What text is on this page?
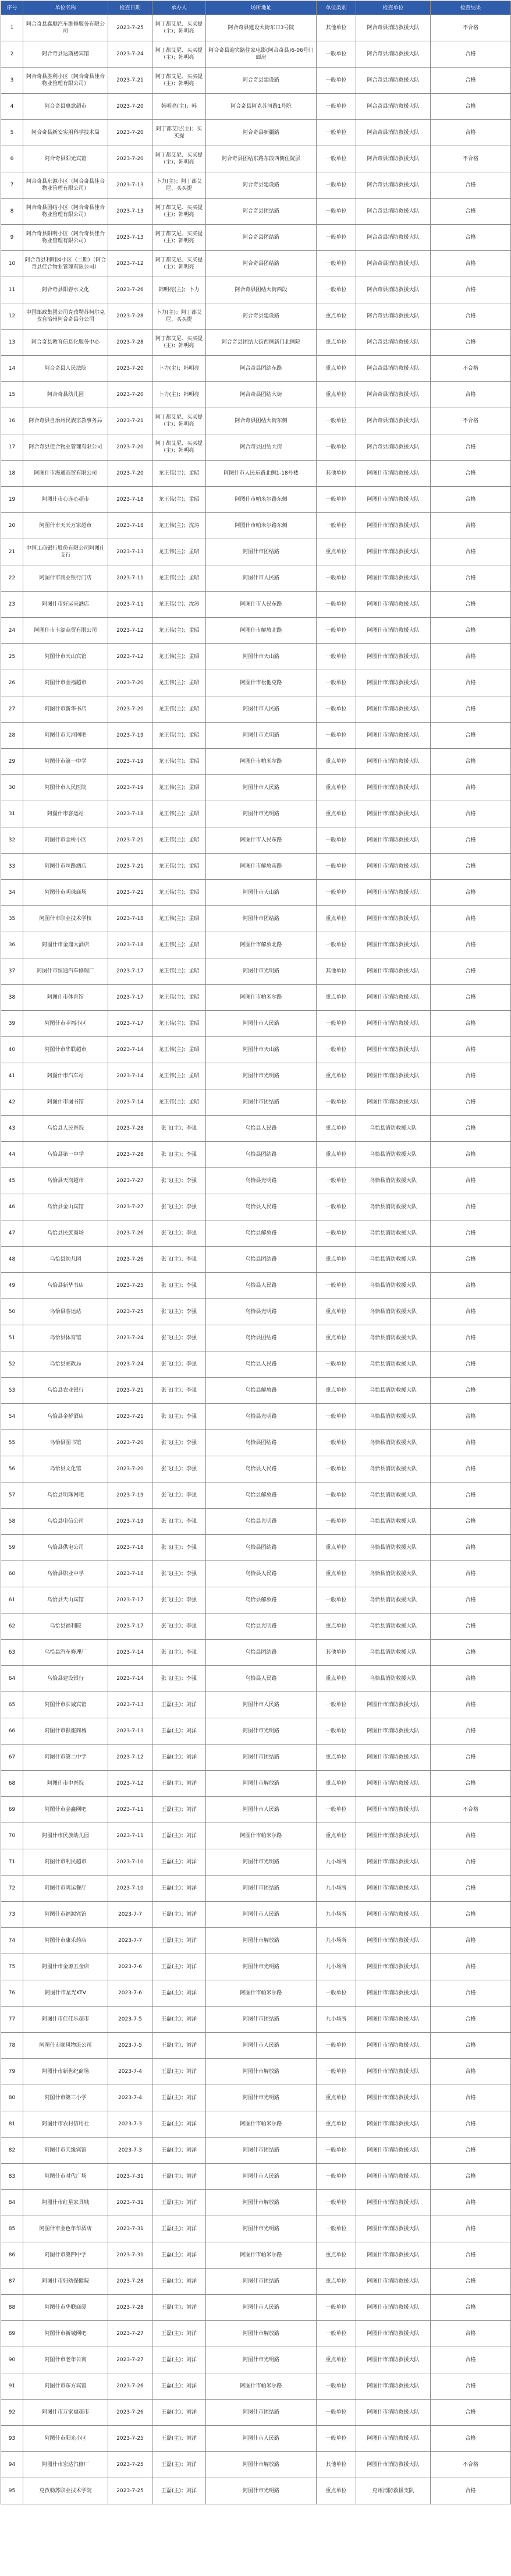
序号	单位名称	检查日期	承办人	场所地址	单位类别	检查单位	检查结果
1	阿合奇县鑫顺汽车维修服务有限公司	2023-7-25	阿丁都艾尼、买买提(主)；韩明亮	阿合奇县建设大街东口3号院	其他单位	阿合奇县消防救援大队	不合格
2	阿合奇县达斯楼宾馆	2023-7-24	阿丁都艾尼、买买提(主)；韩明亮	阿合奇县迎宾路住家电影(阿合奇县)6-06号门面房	一般单位	阿合奇县消防救援大队	合格
3	阿合奇县胜利小区（阿合奇县佳合物业管理有限公司）	2023-7-21	阿丁都艾尼、买买提(主)；韩明亮	阿合奇县建设路	一般单位	阿合奇县消防救援大队	合格
4	阿合奇县惠意超市	2023-7-20	韩明亮(主)；韩	阿合奇县阿克苏河路1号院	一般单位	阿合奇县消防救援大队	合格
5	阿合奇县新安实用科学技术局	2023-7-20	阿丁都艾尼(主)；买买提	阿合奇县新疆路	一般单位	阿合奇县消防救援大队	合格
6	阿合奇县阳光宾馆	2023-7-20	阿丁都艾尼、买买提(主)；韩明亮	阿合奇县团结东路东段西侧住院层	一般单位	阿合奇县消防救援大队	不合格
7	阿合奇县东源小区（阿合奇县佳合物业管理有限公司）	2023-7-13	卜力(主)；阿丁都艾尼、买买提	阿合奇县建设路	一般单位	阿合奇县消防救援大队	合格
8	阿合奇县团结小区（阿合奇县佳合物业管理有限公司）	2023-7-13	阿丁都艾尼、买买提(主)；韩明亮	阿合奇县团结路	一般单位	阿合奇县消防救援大队	合格
9	阿合奇县阳明小区（阿合奇县佳合物业管理有限公司）	2023-7-13	阿丁都艾尼、买买提(主)；韩明亮	阿合奇县团结路	一般单位	阿合奇县消防救援大队	合格
10	阿合奇县利明园小区（二期）（阿合奇县佳合物业管理有限公司）	2023-7-12	阿丁都艾尼、买买提(主)；韩明亮	阿合奇县团结路	一般单位	阿合奇县消防救援大队	合格
11	阿合奇县阳春水文化	2023-7-26	韩明亮(主)；卜力	阿合奇县团结大街西段	一般单位	阿合奇县消防救援大队	合格
12	中国邮政集团公司克孜勒苏柯尔克孜自治州阿合奇县分公司	2023-7-28	卜力(主)；阿丁都艾尼、买买提	阿合奇县建设路	重点单位	阿合奇县消防救援大队	合格
13	阿合奇县教育信息化服务中心	2023-7-28	阿丁都艾尼、买买提(主)；韩明亮	阿合奇县团结大街西侧新门北侧院	重点单位	阿合奇县消防救援大队	合格
14	阿合奇县人民法院	2023-7-20	卜力(主)；韩明亮	阿合奇县团结东路	重点单位	阿合奇县消防救援大队	不合格
15	阿合奇县幼儿园	2023-7-20	卜力(主)；韩明亮	阿合奇县团结大街	重点单位	阿合奇县消防救援大队	合格
16	阿合奇县自治州民族宗教事务局	2023-7-21	阿丁都艾尼、买买提(主)；韩明亮	阿合奇县团结大街东侧	一般单位	阿合奇县消防救援大队	不合格
17	阿合奇县佳合物业管理有限公司	2023-7-20	阿丁都艾尼、买买提(主)；韩明亮	阿合奇县团结大街	一般单位	阿合奇县消防救援大队	合格
18	阿图什市海通商贸有限公司	2023-7-20	龙正伟(主)；孟昭	阿图什市人民东路北侧1-18号楼	其他单位	阿图什市消防救援大队	合格
19	阿图什市心连心超市	2023-7-18	龙正伟(主)；孟昭	阿图什市帕米尔路东侧	一般单位	阿图什市消防救援大队	合格
20	阿图什市天天万家超市	2023-7-18	龙正伟(主)；沈涛	阿图什市帕米尔路东侧	一般单位	阿图什市消防救援大队	合格
21	中国工商银行股份有限公司阿图什支行	2023-7-13	龙正伟(主)；孟昭	阿图什市团结路	重点单位	阿图什市消防救援大队	合格
22	阿图什市商业银行门店	2023-7-11	龙正伟(主)；孟昭	阿图什市人民路	一般单位	阿图什市消防救援大队	合格
23	阿图什市好运来酒店	2023-7-11	龙正伟(主)；沈涛	阿图什市人民东路	一般单位	阿图什市消防救援大队	合格
24	阿图什市丰源商贸有限公司	2023-7-12	龙正伟(主)；孟昭	阿图什市解放北路	一般单位	阿图什市消防救援大队	合格
25	阿图什市天山宾馆	2023-7-12	龙正伟(主)；孟昭	阿图什市天山路	一般单位	阿图什市消防救援大队	合格
26	阿图什市金福超市	2023-7-20	龙正伟(主)；孟昭	阿图什市松他克路	一般单位	阿图什市消防救援大队	合格
27	阿图什市新华书店	2023-7-20	龙正伟(主)；孟昭	阿图什市人民路	一般单位	阿图什市消防救援大队	合格
28	阿图什市天河网吧	2023-7-19	龙正伟(主)；孟昭	阿图什市光明路	一般单位	阿图什市消防救援大队	合格
29	阿图什市第一中学	2023-7-19	龙正伟(主)；孟昭	阿图什市帕米尔路	重点单位	阿图什市消防救援大队	合格
30	阿图什市人民医院	2023-7-19	龙正伟(主)；孟昭	阿图什市人民路	重点单位	阿图什市消防救援大队	合格
31	阿图什市客运站	2023-7-18	龙正伟(主)；孟昭	阿图什市光明路	重点单位	阿图什市消防救援大队	合格
32	阿图什市金桥小区	2023-7-21	龙正伟(主)；孟昭	阿图什市人民东路	一般单位	阿图什市消防救援大队	合格
33	阿图什市丝路酒店	2023-7-21	龙正伟(主)；孟昭	阿图什市解放南路	一般单位	阿图什市消防救援大队	合格
34	阿图什市明珠商场	2023-7-21	龙正伟(主)；孟昭	阿图什市天山路	一般单位	阿图什市消防救援大队	合格
35	阿图什市职业技术学校	2023-7-18	龙正伟(主)；孟昭	阿图什市团结路	重点单位	阿图什市消防救援大队	合格
36	阿图什市金鼎大酒店	2023-7-18	龙正伟(主)；孟昭	阿图什市解放北路	一般单位	阿图什市消防救援大队	合格
37	阿图什市恒通汽车修理厂	2023-7-17	龙正伟(主)；孟昭	阿图什市光明路	其他单位	阿图什市消防救援大队	合格
38	阿图什市体育馆	2023-7-17	龙正伟(主)；孟昭	阿图什市帕米尔路	重点单位	阿图什市消防救援大队	合格
39	阿图什市幸福小区	2023-7-17	龙正伟(主)；孟昭	阿图什市人民路	一般单位	阿图什市消防救援大队	合格
40	阿图什市华联超市	2023-7-14	龙正伟(主)；孟昭	阿图什市天山路	一般单位	阿图什市消防救援大队	合格
41	阿图什市汽车站	2023-7-14	龙正伟(主)；孟昭	阿图什市光明路	重点单位	阿图什市消防救援大队	合格
42	阿图什市图书馆	2023-7-14	龙正伟(主)；孟昭	阿图什市团结路	一般单位	阿图什市消防救援大队	合格
43	乌恰县人民医院	2023-7-28	张飞(主)；李强	乌恰县人民路	重点单位	乌恰县消防救援大队	合格
44	乌恰县第一中学	2023-7-28	张飞(主)；李强	乌恰县团结路	重点单位	乌恰县消防救援大队	合格
45	乌恰县天润超市	2023-7-27	张飞(主)；李强	乌恰县光明路	一般单位	乌恰县消防救援大队	合格
46	乌恰县金山宾馆	2023-7-27	张飞(主)；李强	乌恰县人民路	一般单位	乌恰县消防救援大队	合格
47	乌恰县民族商场	2023-7-26	张飞(主)；李强	乌恰县解放路	一般单位	乌恰县消防救援大队	合格
48	乌恰县幼儿园	2023-7-26	张飞(主)；李强	乌恰县团结路	重点单位	乌恰县消防救援大队	合格
49	乌恰县新华书店	2023-7-25	张飞(主)；李强	乌恰县人民路	一般单位	乌恰县消防救援大队	合格
50	乌恰县客运站	2023-7-25	张飞(主)；李强	乌恰县光明路	重点单位	乌恰县消防救援大队	合格
51	乌恰县体育馆	2023-7-24	张飞(主)；李强	乌恰县团结路	重点单位	乌恰县消防救援大队	合格
52	乌恰县邮政局	2023-7-24	张飞(主)；李强	乌恰县人民路	一般单位	乌恰县消防救援大队	合格
53	乌恰县农业银行	2023-7-21	张飞(主)；李强	乌恰县解放路	重点单位	乌恰县消防救援大队	合格
54	乌恰县金桥酒店	2023-7-21	张飞(主)；李强	乌恰县光明路	一般单位	乌恰县消防救援大队	合格
55	乌恰县图书馆	2023-7-20	张飞(主)；李强	乌恰县团结路	一般单位	乌恰县消防救援大队	合格
56	乌恰县文化馆	2023-7-20	张飞(主)；李强	乌恰县人民路	一般单位	乌恰县消防救援大队	合格
57	乌恰县明珠网吧	2023-7-19	张飞(主)；李强	乌恰县解放路	一般单位	乌恰县消防救援大队	合格
58	乌恰县电信公司	2023-7-19	张飞(主)；李强	乌恰县光明路	一般单位	乌恰县消防救援大队	合格
59	乌恰县供电公司	2023-7-18	张飞(主)；李强	乌恰县团结路	重点单位	乌恰县消防救援大队	合格
60	乌恰县职业中学	2023-7-18	张飞(主)；李强	乌恰县人民路	重点单位	乌恰县消防救援大队	合格
61	乌恰县天山宾馆	2023-7-17	张飞(主)；李强	乌恰县解放路	一般单位	乌恰县消防救援大队	合格
62	乌恰县福利院	2023-7-17	张飞(主)；李强	乌恰县光明路	重点单位	乌恰县消防救援大队	合格
63	乌恰县汽车修理厂	2023-7-14	张飞(主)；李强	乌恰县团结路	其他单位	乌恰县消防救援大队	合格
64	乌恰县建设银行	2023-7-14	张飞(主)；李强	乌恰县人民路	重点单位	乌恰县消防救援大队	合格
65	阿图什市长城宾馆	2023-7-13	王磊(主)；刘洋	阿图什市人民路	一般单位	阿图什市消防救援大队	合格
66	阿图什市银座商城	2023-7-13	王磊(主)；刘洋	阿图什市光明路	一般单位	阿图什市消防救援大队	合格
67	阿图什市第二中学	2023-7-12	王磊(主)；刘洋	阿图什市团结路	重点单位	阿图什市消防救援大队	合格
68	阿图什市中医院	2023-7-12	王磊(主)；刘洋	阿图什市解放路	重点单位	阿图什市消防救援大队	合格
69	阿图什市金鑫网吧	2023-7-11	王磊(主)；刘洋	阿图什市人民路	一般单位	阿图什市消防救援大队	不合格
70	阿图什市民族幼儿园	2023-7-11	王磊(主)；刘洋	阿图什市帕米尔路	重点单位	阿图什市消防救援大队	合格
71	阿图什市利民超市	2023-7-10	王磊(主)；刘洋	阿图什市光明路	九小场所	阿图什市消防救援大队	合格
72	阿图什市鸿运餐厅	2023-7-10	王磊(主)；刘洋	阿图什市团结路	九小场所	阿图什市消防救援大队	合格
73	阿图什市福源宾馆	2023-7-7	王磊(主)；刘洋	阿图什市人民路	九小场所	阿图什市消防救援大队	合格
74	阿图什市康乐药店	2023-7-7	王磊(主)；刘洋	阿图什市解放路	九小场所	阿图什市消防救援大队	合格
75	阿图什市金源五金店	2023-7-6	王磊(主)；刘洋	阿图什市光明路	九小场所	阿图什市消防救援大队	合格
76	阿图什市星光KTV	2023-7-6	王磊(主)；刘洋	阿图什市帕米尔路	一般单位	阿图什市消防救援大队	合格
77	阿图什市佳佳乐超市	2023-7-5	王磊(主)；刘洋	阿图什市团结路	九小场所	阿图什市消防救援大队	合格
78	阿图什市顺风物流公司	2023-7-5	王磊(主)；刘洋	阿图什市人民路	一般单位	阿图什市消防救援大队	合格
79	阿图什市新世纪商场	2023-7-4	王磊(主)；刘洋	阿图什市解放路	一般单位	阿图什市消防救援大队	合格
80	阿图什市第三小学	2023-7-4	王磊(主)；刘洋	阿图什市光明路	重点单位	阿图什市消防救援大队	合格
81	阿图什市农村信用社	2023-7-3	王磊(主)；刘洋	阿图什市帕米尔路	重点单位	阿图什市消防救援大队	合格
82	阿图什市天缘宾馆	2023-7-3	王磊(主)；刘洋	阿图什市团结路	一般单位	阿图什市消防救援大队	合格
83	阿图什市时代广场	2023-7-31	王磊(主)；刘洋	阿图什市人民路	一般单位	阿图什市消防救援大队	合格
84	阿图什市红星家具城	2023-7-31	王磊(主)；刘洋	阿图什市解放路	一般单位	阿图什市消防救援大队	合格
85	阿图什市金色年华酒店	2023-7-31	王磊(主)；刘洋	阿图什市光明路	一般单位	阿图什市消防救援大队	合格
86	阿图什市第四中学	2023-7-31	王磊(主)；刘洋	阿图什市帕米尔路	重点单位	阿图什市消防救援大队	合格
87	阿图什市妇幼保健院	2023-7-28	王磊(主)；刘洋	阿图什市团结路	重点单位	阿图什市消防救援大队	合格
88	阿图什市华联商厦	2023-7-28	王磊(主)；刘洋	阿图什市人民路	一般单位	阿图什市消防救援大队	合格
89	阿图什市新城网吧	2023-7-27	王磊(主)；刘洋	阿图什市解放路	一般单位	阿图什市消防救援大队	合格
90	阿图什市老年公寓	2023-7-27	王磊(主)；刘洋	阿图什市光明路	重点单位	阿图什市消防救援大队	合格
91	阿图什市东方宾馆	2023-7-26	王磊(主)；刘洋	阿图什市帕米尔路	一般单位	阿图什市消防救援大队	合格
92	阿图什市万家福超市	2023-7-26	王磊(主)；刘洋	阿图什市团结路	一般单位	阿图什市消防救援大队	合格
93	阿图什市阳光小区	2023-7-25	王磊(主)；刘洋	阿图什市人民路	一般单位	阿图什市消防救援大队	合格
94	阿图什市宏达汽修厂	2023-7-25	王磊(主)；刘洋	阿图什市解放路	其他单位	阿图什市消防救援大队	不合格
95	克孜勒苏职业技术学院	2023-7-25	王磊(主)；刘洋	阿图什市光明路	重点单位	克州消防救援支队	合格
